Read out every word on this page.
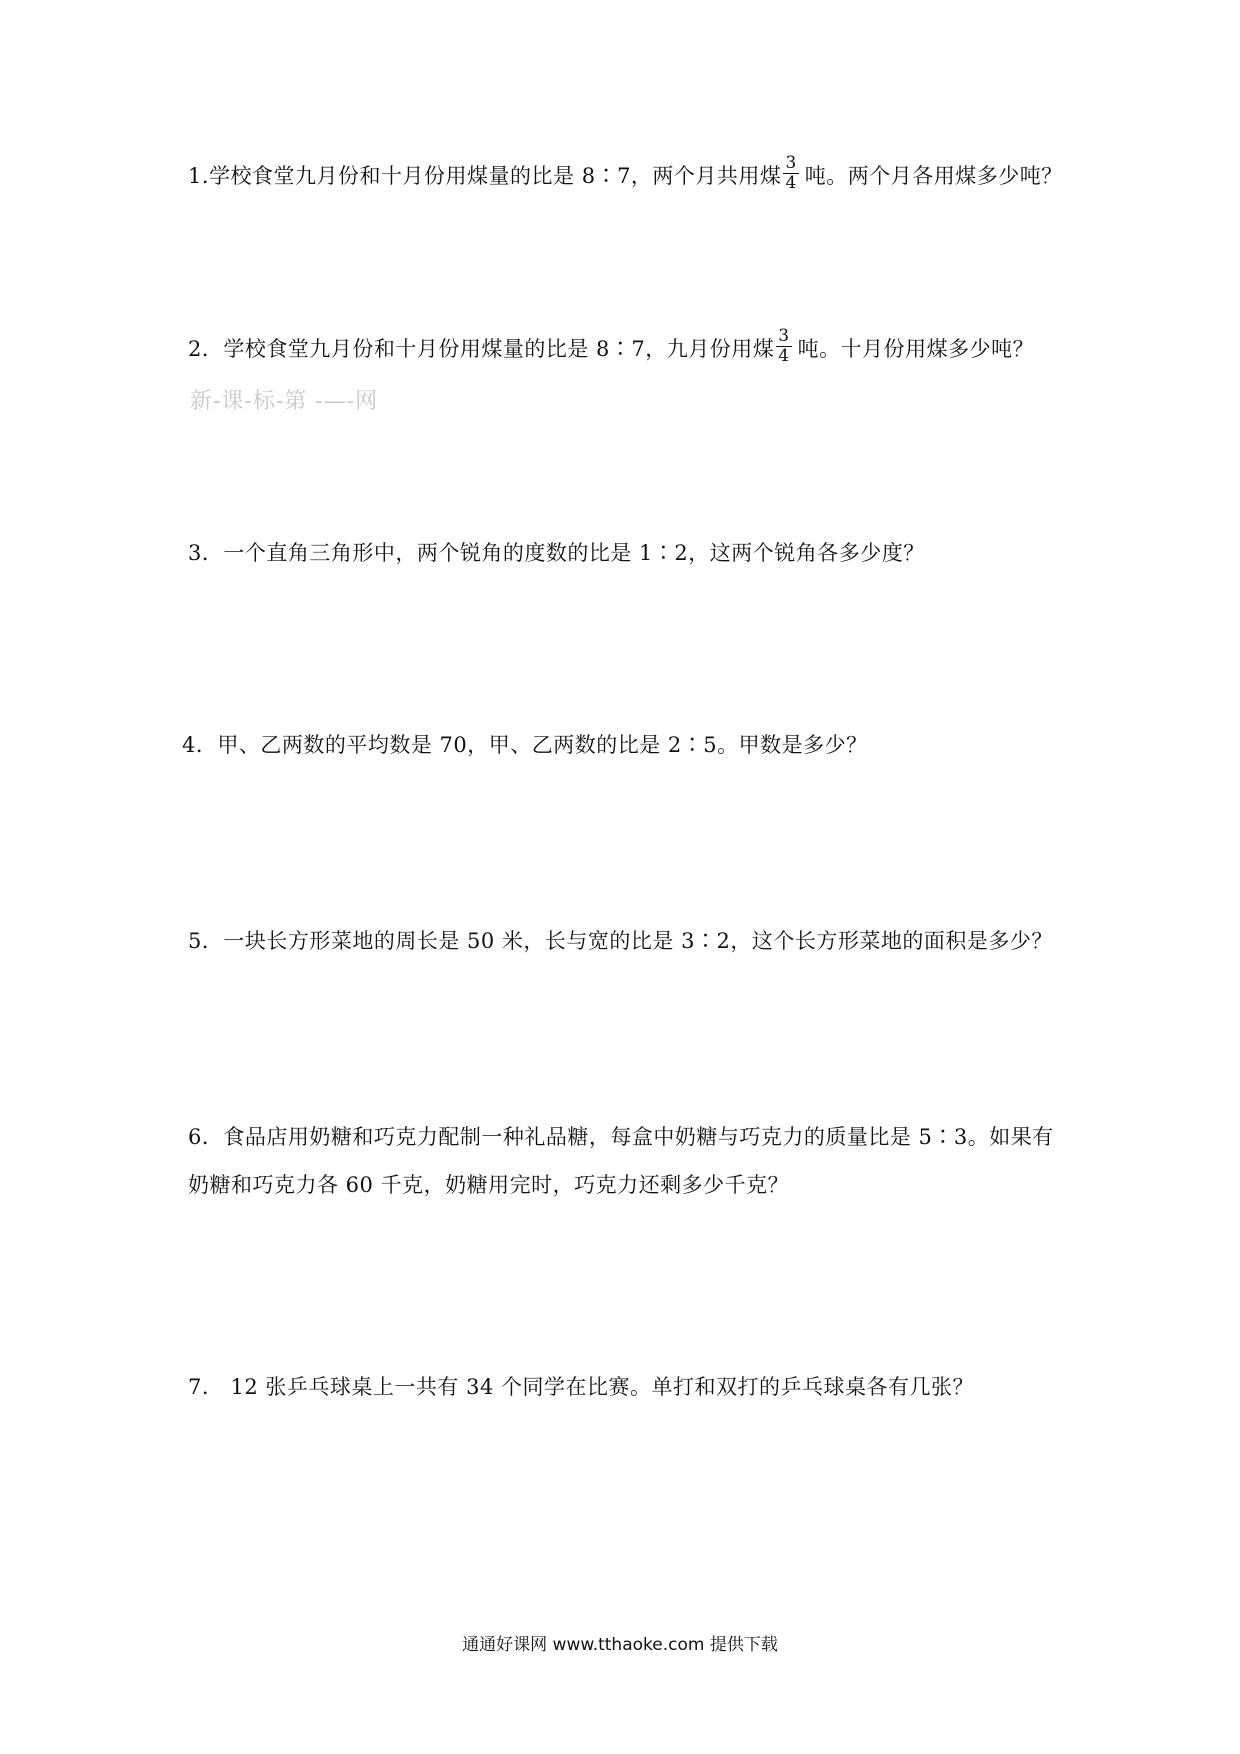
1.学校食堂九月份和十月份用煤量的比是 8∶7，两个月共用煤 $\frac{3}{4}$ 吨。两个月各用煤多少吨？
2．学校食堂九月份和十月份用煤量的比是 8∶7，九月份用煤 $\frac{3}{4}$ 吨。十月份用煤多少吨？
新-课-标-第 -—-网
3．一个直角三角形中，两个锐角的度数的比是 1∶2，这两个锐角各多少度？
4．甲、乙两数的平均数是 70，甲、乙两数的比是 2∶5。甲数是多少？
5．一块长方形菜地的周长是 50 米，长与宽的比是 3∶2，这个长方形菜地的面积是多少？
6．食品店用奶糖和巧克力配制一种礼品糖，每盒中奶糖与巧克力的质量比是 5∶3。如果有
奶糖和巧克力各 60 千克，奶糖用完时，巧克力还剩多少千克？
7.　12 张乒乓球桌上一共有 34 个同学在比赛。单打和双打的乒乓球桌各有几张？
通通好课网 www.tthaoke.com 提供下载
